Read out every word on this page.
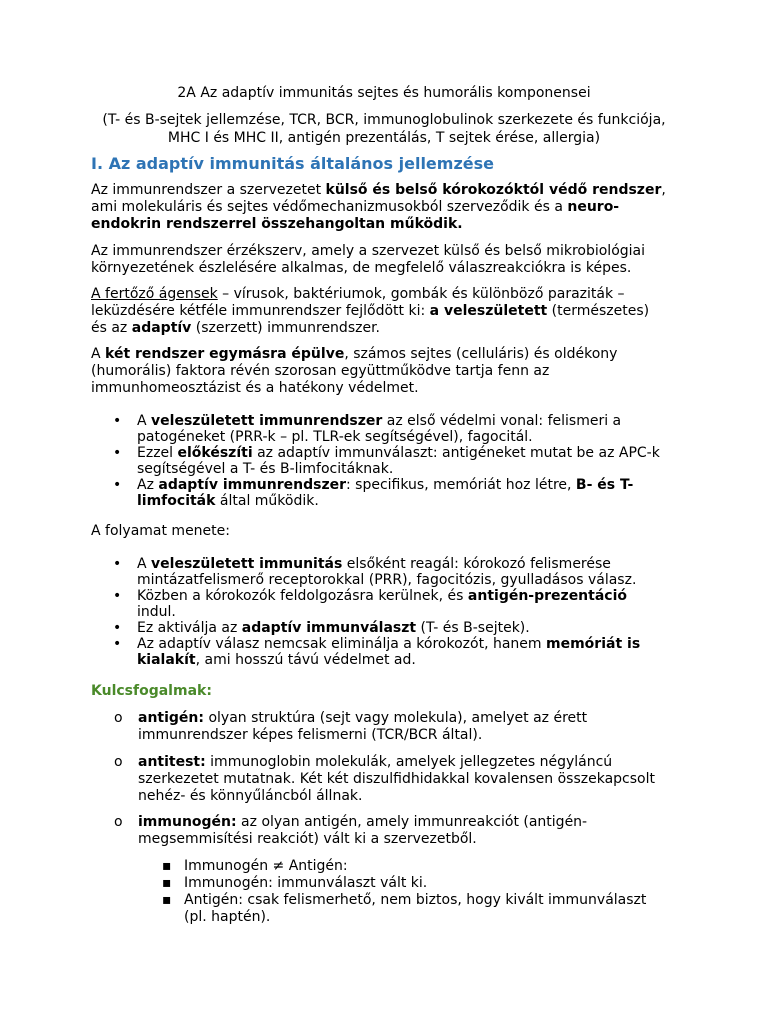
2A Az adaptív immunitás sejtes és humorális komponensei
(T- és B-sejtek jellemzése, TCR, BCR, immunoglobulinok szerkezete és funkciója,
MHC I és MHC II, antigén prezentálás, T sejtek érése, allergia)
I. Az adaptív immunitás általános jellemzése
Az immunrendszer a szervezetet külső és belső kórokozóktól védő rendszer,
ami molekuláris és sejtes védőmechanizmusokból szerveződik és a neuro-
endokrin rendszerrel összehangoltan működik.
Az immunrendszer érzékszerv, amely a szervezet külső és belső mikrobiológiai
környezetének észlelésére alkalmas, de megfelelő válaszreakciókra is képes.
A fertőző ágensek – vírusok, baktériumok, gombák és különböző paraziták –
leküzdésére kétféle immunrendszer fejlődött ki: a veleszületett (természetes)
és az adaptív (szerzett) immunrendszer.
A két rendszer egymásra épülve, számos sejtes (celluláris) és oldékony
(humorális) faktora révén szorosan együttműködve tartja fenn az
immunhomeosztázist és a hatékony védelmet.
• A veleszületett immunrendszer az első védelmi vonal: felismeri a
patogéneket (PRR-k – pl. TLR-ek segítségével), fagocitál.
• Ezzel előkészíti az adaptív immunválaszt: antigéneket mutat be az APC-k
segítségével a T- és B-limfocitáknak.
• Az adaptív immunrendszer: specifikus, memóriát hoz létre, B- és T-
limfociták által működik.
A folyamat menete:
• A veleszületett immunitás elsőként reagál: kórokozó felismerése
mintázatfelismerő receptorokkal (PRR), fagocitózis, gyulladásos válasz.
• Közben a kórokozók feldolgozásra kerülnek, és antigén-prezentáció
indul.
• Ez aktiválja az adaptív immunválaszt (T- és B-sejtek).
• Az adaptív válasz nemcsak eliminálja a kórokozót, hanem memóriát is
kialakít, ami hosszú távú védelmet ad.
Kulcsfogalmak:
o antigén: olyan struktúra (sejt vagy molekula), amelyet az érett
immunrendszer képes felismerni (TCR/BCR által).
o antitest: immunoglobin molekulák, amelyek jellegzetes négyláncú
szerkezetet mutatnak. Két két diszulfidhidakkal kovalensen összekapcsolt
nehéz- és könnyűláncból állnak.
o immunogén: az olyan antigén, amely immunreakciót (antigén-
megsemmisítési reakciót) vált ki a szervezetből.
▪ Immunogén ≠ Antigén:
▪ Immunogén: immunválaszt vált ki.
▪ Antigén: csak felismerhető, nem biztos, hogy kivált immunválaszt
(pl. haptén).
